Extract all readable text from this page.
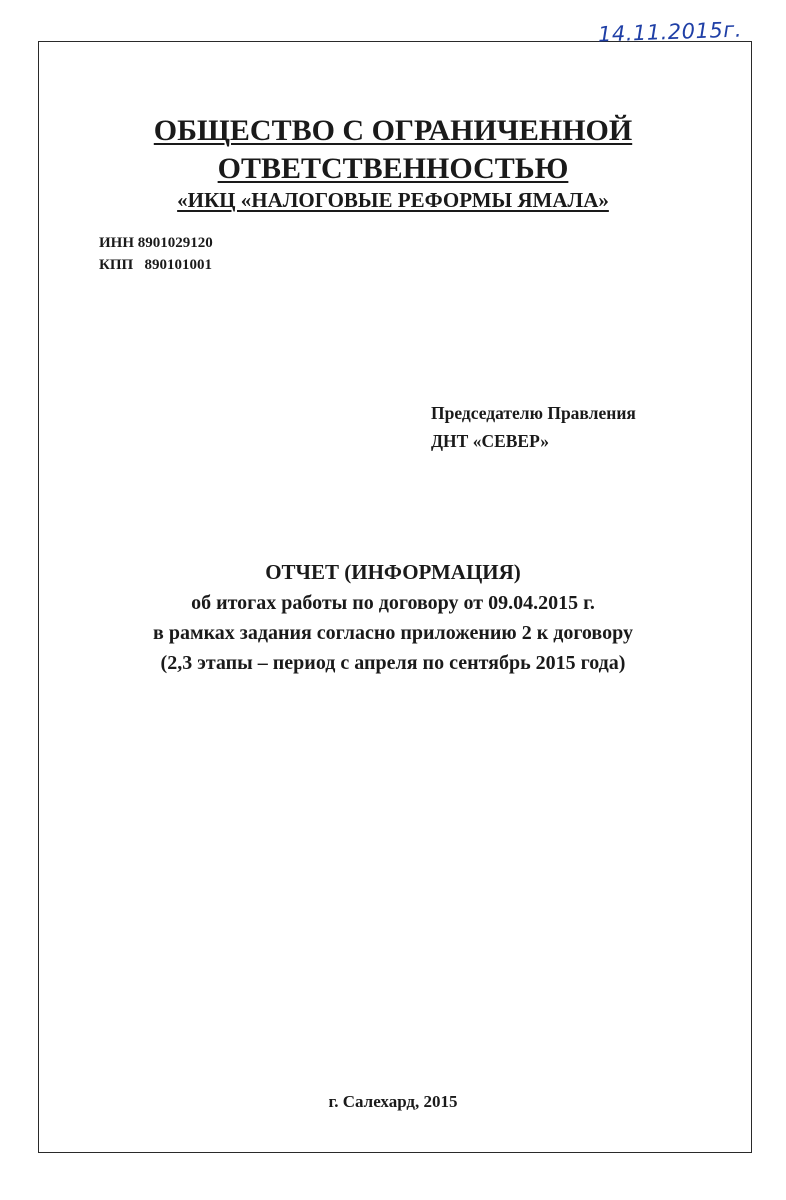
14.11.2015г.
ОБЩЕСТВО С ОГРАНИЧЕННОЙ
ОТВЕТСТВЕННОСТЬЮ
«ИКЦ «НАЛОГОВЫЕ РЕФОРМЫ ЯМАЛА»
ИНН 8901029120
КПП   890101001
Председателю Правления
ДНТ «СЕВЕР»
ОТЧЕТ (ИНФОРМАЦИЯ)
об итогах работы по договору от 09.04.2015 г.
в рамках задания согласно приложению 2 к договору
(2,3 этапы – период с апреля по сентябрь 2015 года)
г. Салехард, 2015
